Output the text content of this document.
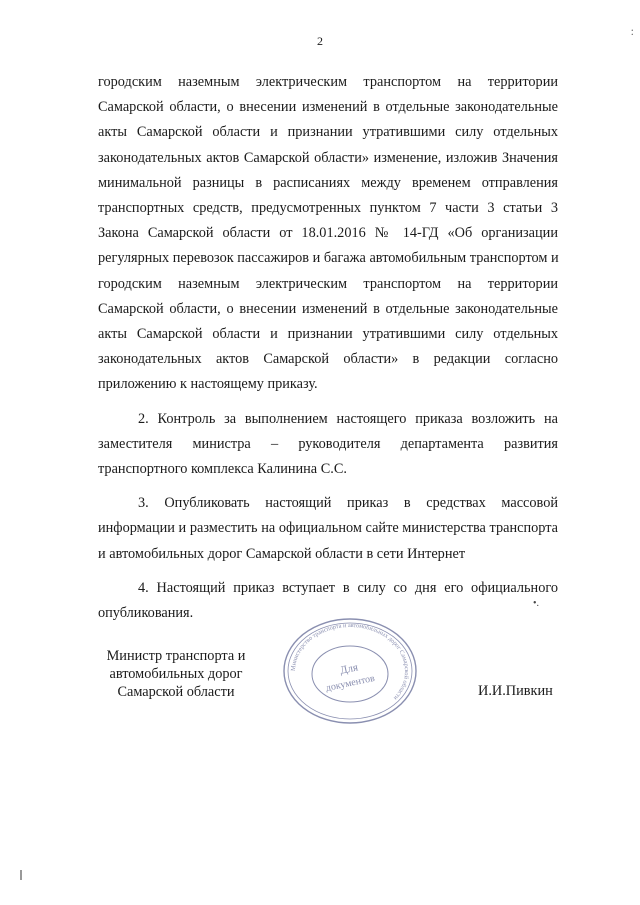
2
:
городским наземным электрическим транспортом на территории
Самарской области, о внесении изменений в отдельные законодательные
акты Самарской области и признании утратившими силу отдельных
законодательных актов Самарской области» изменение, изложив Значения
минимальной разницы в расписаниях между временем отправления
транспортных средств, предусмотренных пунктом 7 части 3 статьи 3
Закона Самарской области от 18.01.2016 № 14-ГД «Об организации
регулярных перевозок пассажиров и багажа автомобильным транспортом и
городским наземным электрическим транспортом на территории
Самарской области, о внесении изменений в отдельные законодательные
акты Самарской области и признании утратившими силу отдельных
законодательных актов Самарской области» в редакции согласно
приложению к настоящему приказу.
2. Контроль за выполнением настоящего приказа возложить на
заместителя министра – руководителя департамента развития
транспортного комплекса Калинина С.С.
3. Опубликовать настоящий приказ в средствах массовой
информации и разместить на официальном сайте министерства транспорта
и автомобильных дорог Самарской области в сети Интернет
4. Настоящий приказ вступает в силу со дня его официального
опубликования.
•.
Министр транспорта и
автомобильных дорог
Самарской области
Министерство транспорта и автомобильных дорог Самарской области
Для
документов	И.И.Пивкин
